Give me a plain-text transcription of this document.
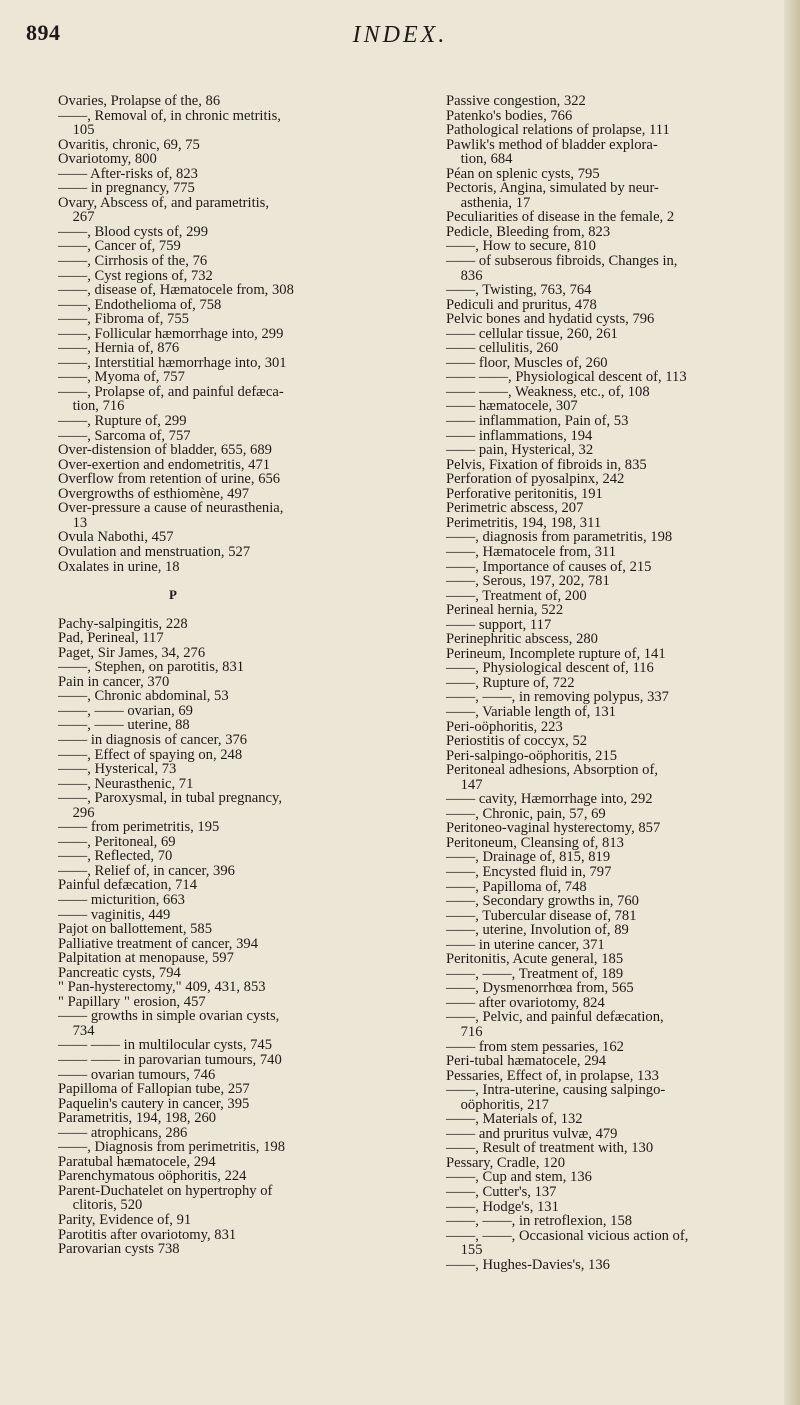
894	INDEX.
Ovaries, Prolapse of the, 86
——, Removal of, in chronic metritis,
105
Ovaritis, chronic, 69, 75
Ovariotomy, 800
—— After-risks of, 823
—— in pregnancy, 775
Ovary, Abscess of, and parametritis,
267
——, Blood cysts of, 299
——, Cancer of, 759
——, Cirrhosis of the, 76
——, Cyst regions of, 732
——, disease of, Hæmatocele from, 308
——, Endothelioma of, 758
——, Fibroma of, 755
——, Follicular hæmorrhage into, 299
——, Hernia of, 876
——, Interstitial hæmorrhage into, 301
——, Myoma of, 757
——, Prolapse of, and painful defæca-
tion, 716
——, Rupture of, 299
——, Sarcoma of, 757
Over-distension of bladder, 655, 689
Over-exertion and endometritis, 471
Overflow from retention of urine, 656
Overgrowths of esthiomène, 497
Over-pressure a cause of neurasthenia,
13
Ovula Nabothi, 457
Ovulation and menstruation, 527
Oxalates in urine, 18
P
Pachy-salpingitis, 228
Pad, Perineal, 117
Paget, Sir James, 34, 276
——, Stephen, on parotitis, 831
Pain in cancer, 370
——, Chronic abdominal, 53
——, —— ovarian, 69
——, —— uterine, 88
—— in diagnosis of cancer, 376
——, Effect of spaying on, 248
——, Hysterical, 73
——, Neurasthenic, 71
——, Paroxysmal, in tubal pregnancy,
296
—— from perimetritis, 195
——, Peritoneal, 69
——, Reflected, 70
——, Relief of, in cancer, 396
Painful defæcation, 714
—— micturition, 663
—— vaginitis, 449
Pajot on ballottement, 585
Palliative treatment of cancer, 394
Palpitation at menopause, 597
Pancreatic cysts, 794
" Pan-hysterectomy," 409, 431, 853
" Papillary " erosion, 457
—— growths in simple ovarian cysts,
734
—— —— in multilocular cysts, 745
—— —— in parovarian tumours, 740
—— ovarian tumours, 746
Papilloma of Fallopian tube, 257
Paquelin's cautery in cancer, 395
Parametritis, 194, 198, 260
—— atrophicans, 286
——, Diagnosis from perimetritis, 198
Paratubal hæmatocele, 294
Parenchymatous oöphoritis, 224
Parent-Duchatelet on hypertrophy of
clitoris, 520
Parity, Evidence of, 91
Parotitis after ovariotomy, 831
Parovarian cysts 738
Passive congestion, 322
Patenko's bodies, 766
Pathological relations of prolapse, 111
Pawlik's method of bladder explora-
tion, 684
Péan on splenic cysts, 795
Pectoris, Angina, simulated by neur-
asthenia, 17
Peculiarities of disease in the female, 2
Pedicle, Bleeding from, 823
——, How to secure, 810
—— of subserous fibroids, Changes in,
836
——, Twisting, 763, 764
Pediculi and pruritus, 478
Pelvic bones and hydatid cysts, 796
—— cellular tissue, 260, 261
—— cellulitis, 260
—— floor, Muscles of, 260
—— ——, Physiological descent of, 113
—— ——, Weakness, etc., of, 108
—— hæmatocele, 307
—— inflammation, Pain of, 53
—— inflammations, 194
—— pain, Hysterical, 32
Pelvis, Fixation of fibroids in, 835
Perforation of pyosalpinx, 242
Perforative peritonitis, 191
Perimetric abscess, 207
Perimetritis, 194, 198, 311
——, diagnosis from parametritis, 198
——, Hæmatocele from, 311
——, Importance of causes of, 215
——, Serous, 197, 202, 781
——, Treatment of, 200
Perineal hernia, 522
—— support, 117
Perinephritic abscess, 280
Perineum, Incomplete rupture of, 141
——, Physiological descent of, 116
——, Rupture of, 722
——, ——, in removing polypus, 337
——, Variable length of, 131
Peri-oöphoritis, 223
Periostitis of coccyx, 52
Peri-salpingo-oöphoritis, 215
Peritoneal adhesions, Absorption of,
147
—— cavity, Hæmorrhage into, 292
——, Chronic, pain, 57, 69
Peritoneo-vaginal hysterectomy, 857
Peritoneum, Cleansing of, 813
——, Drainage of, 815, 819
——, Encysted fluid in, 797
——, Papilloma of, 748
——, Secondary growths in, 760
——, Tubercular disease of, 781
——, uterine, Involution of, 89
—— in uterine cancer, 371
Peritonitis, Acute general, 185
——, ——, Treatment of, 189
——, Dysmenorrhœa from, 565
—— after ovariotomy, 824
——, Pelvic, and painful defæcation,
716
—— from stem pessaries, 162
Peri-tubal hæmatocele, 294
Pessaries, Effect of, in prolapse, 133
——, Intra-uterine, causing salpingo-
oöphoritis, 217
——, Materials of, 132
—— and pruritus vulvæ, 479
——, Result of treatment with, 130
Pessary, Cradle, 120
——, Cup and stem, 136
——, Cutter's, 137
——, Hodge's, 131
——, ——, in retroflexion, 158
——, ——, Occasional vicious action of,
155
——, Hughes-Davies's, 136
